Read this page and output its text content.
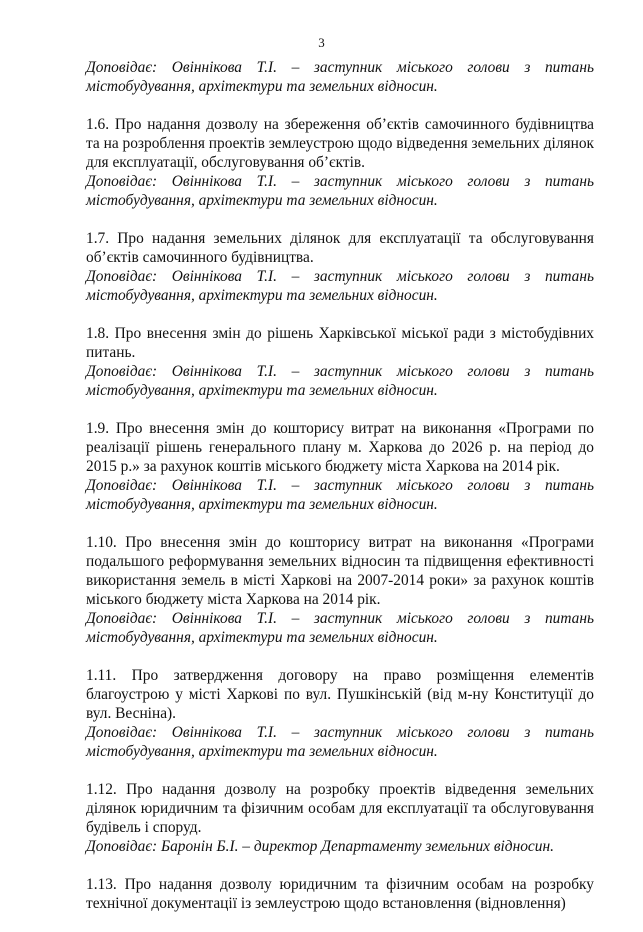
3
Доповідає: Овіннікова Т.І. – заступник міського голови з питань
містобудування, архітектури та земельних відносин.
1.6. Про надання дозволу на збереження об’єктів самочинного будівництва та на розроблення проектів землеустрою щодо відведення земельних ділянок для експлуатації, обслуговування об’єктів.
Доповідає: Овіннікова Т.І. – заступник міського голови з питань
містобудування, архітектури та земельних відносин.
1.7. Про надання земельних ділянок для експлуатації та обслуговування об’єктів самочинного будівництва.
Доповідає: Овіннікова Т.І. – заступник міського голови з питань
містобудування, архітектури та земельних відносин.
1.8. Про внесення змін до рішень Харківської міської ради з містобудівних питань.
Доповідає: Овіннікова Т.І. – заступник міського голови з питань
містобудування, архітектури та земельних відносин.
1.9. Про внесення змін до кошторису витрат на виконання «Програми по реалізації рішень генерального плану м. Харкова до 2026 р. на період до 2015 р.» за рахунок коштів міського бюджету міста Харкова на 2014 рік.
Доповідає: Овіннікова Т.І. – заступник міського голови з питань
містобудування, архітектури та земельних відносин.
1.10. Про внесення змін до кошторису витрат на виконання «Програми подальшого реформування земельних відносин та підвищення ефективності використання земель в місті Харкові на 2007-2014 роки» за рахунок коштів міського бюджету міста Харкова на 2014 рік.
Доповідає: Овіннікова Т.І. – заступник міського голови з питань
містобудування, архітектури та земельних відносин.
1.11. Про затвердження договору на право розміщення елементів благоустрою у місті Харкові по вул. Пушкінській (від м-ну Конституції до вул. Весніна).
Доповідає: Овіннікова Т.І. – заступник міського голови з питань
містобудування, архітектури та земельних відносин.
1.12. Про надання дозволу на розробку проектів відведення земельних ділянок юридичним та фізичним особам для експлуатації та обслуговування будівель і споруд.
Доповідає: Баронін Б.І. – директор Департаменту земельних відносин.
1.13. Про надання дозволу юридичним та фізичним особам на розробку технічної документації із землеустрою щодо встановлення (відновлення)
